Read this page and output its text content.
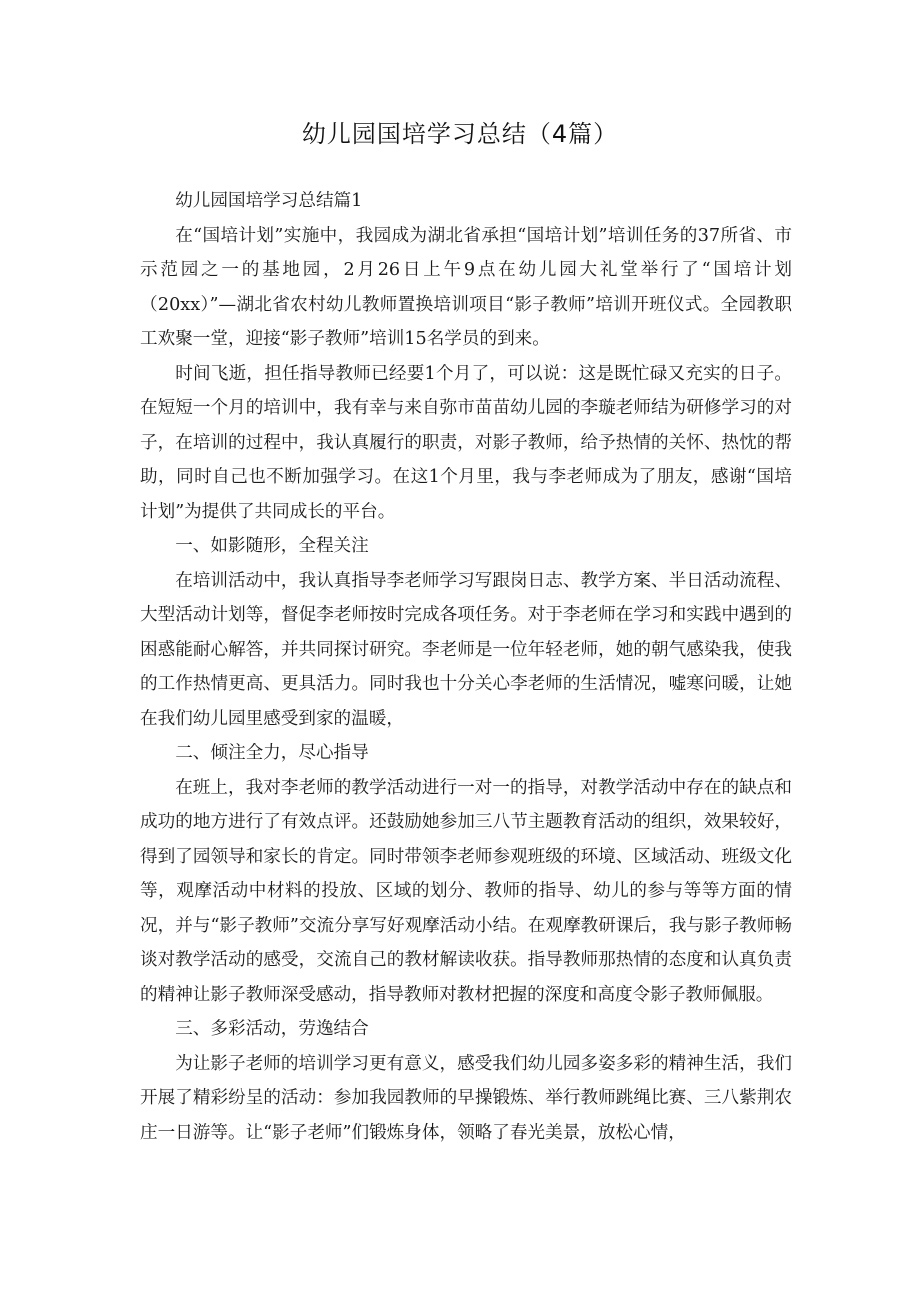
幼儿园国培学习总结（4篇）

幼儿园国培学习总结篇1

在“国培计划”实施中，我园成为湖北省承担“国培计划”培训任务的37所省、市示范园之一的基地园，2月26日上午9点在幼儿园大礼堂举行了“国培计划（20xx）”—湖北省农村幼儿教师置换培训项目“影子教师”培训开班仪式。全园教职工欢聚一堂，迎接“影子教师”培训15名学员的到来。

时间飞逝，担任指导教师已经要1个月了，可以说：这是既忙碌又充实的日子。在短短一个月的培训中，我有幸与来自弥市苗苗幼儿园的李璇老师结为研修学习的对子，在培训的过程中，我认真履行的职责，对影子教师，给予热情的关怀、热忱的帮助，同时自己也不断加强学习。在这1个月里，我与李老师成为了朋友，感谢“国培计划”为提供了共同成长的平台。

一、如影随形，全程关注

在培训活动中，我认真指导李老师学习写跟岗日志、教学方案、半日活动流程、大型活动计划等，督促李老师按时完成各项任务。对于李老师在学习和实践中遇到的困惑能耐心解答，并共同探讨研究。李老师是一位年轻老师，她的朝气感染我，使我的工作热情更高、更具活力。同时我也十分关心李老师的生活情况，嘘寒问暖，让她在我们幼儿园里感受到家的温暖，

二、倾注全力，尽心指导

在班上，我对李老师的教学活动进行一对一的指导，对教学活动中存在的缺点和成功的地方进行了有效点评。还鼓励她参加三八节主题教育活动的组织，效果较好，得到了园领导和家长的肯定。同时带领李老师参观班级的环境、区域活动、班级文化等，观摩活动中材料的投放、区域的划分、教师的指导、幼儿的参与等等方面的情况，并与“影子教师”交流分享写好观摩活动小结。在观摩教研课后，我与影子教师畅谈对教学活动的感受，交流自己的教材解读收获。指导教师那热情的态度和认真负责的精神让影子教师深受感动，指导教师对教材把握的深度和高度令影子教师佩服。

三、多彩活动，劳逸结合

为让影子老师的培训学习更有意义，感受我们幼儿园多姿多彩的精神生活，我们开展了精彩纷呈的活动：参加我园教师的早操锻炼、举行教师跳绳比赛、三八紫荆农庄一日游等。让“影子老师”们锻炼身体，领略了春光美景，放松心情，
